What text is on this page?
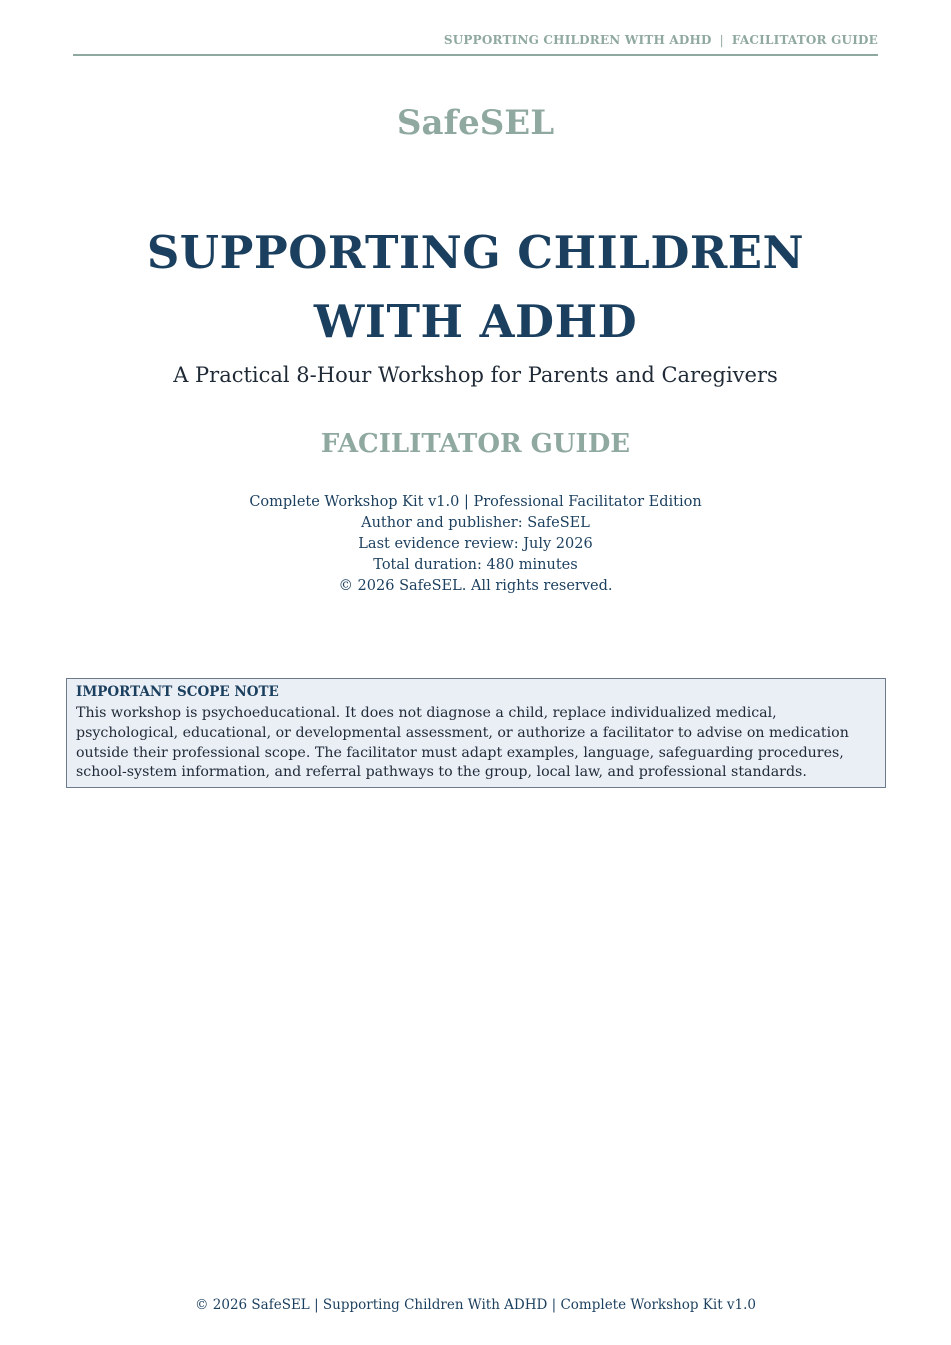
SUPPORTING CHILDREN WITH ADHD | FACILITATOR GUIDE
SafeSEL
SUPPORTING CHILDREN
WITH ADHD
A Practical 8-Hour Workshop for Parents and Caregivers
FACILITATOR GUIDE
Complete Workshop Kit v1.0 | Professional Facilitator Edition
Author and publisher: SafeSEL
Last evidence review: July 2026
Total duration: 480 minutes
© 2026 SafeSEL. All rights reserved.
IMPORTANT SCOPE NOTE
This workshop is psychoeducational. It does not diagnose a child, replace individualized medical, psychological, educational, or developmental assessment, or authorize a facilitator to advise on medication outside their professional scope. The facilitator must adapt examples, language, safeguarding procedures, school-system information, and referral pathways to the group, local law, and professional standards.
© 2026 SafeSEL | Supporting Children With ADHD | Complete Workshop Kit v1.0
